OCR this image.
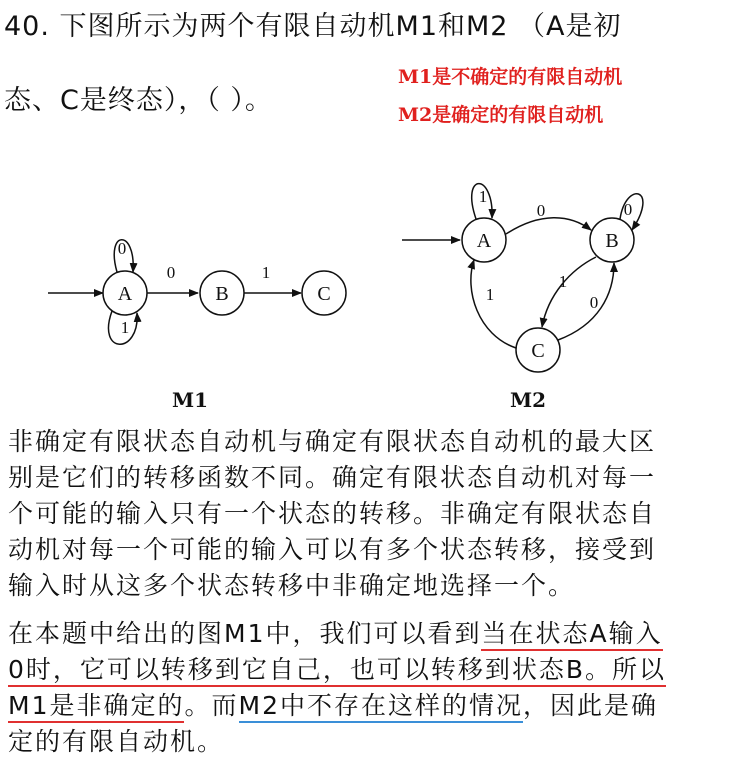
40. 下图所示为两个有限自动机M1和M2 （A是初
态、C是终态），（ ）。
M1是不确定的有限自动机
M2是确定的有限自动机
A
0
1
0
B
1
C
M1
A
1
B
0	0
C
1
0
1
M2
非确定有限状态自动机与确定有限状态自动机的最大区
别是它们的转移函数不同。确定有限状态自动机对每一
个可能的输入只有一个状态的转移。非确定有限状态自
动机对每一个可能的输入可以有多个状态转移，接受到
输入时从这多个状态转移中非确定地选择一个。
在本题中给出的图M1中，我们可以看到当在状态A输入
0时，它可以转移到它自己，也可以转移到状态B。所以
M1是非确定的。而M2中不存在这样的情况，因此是确
定的有限自动机。
